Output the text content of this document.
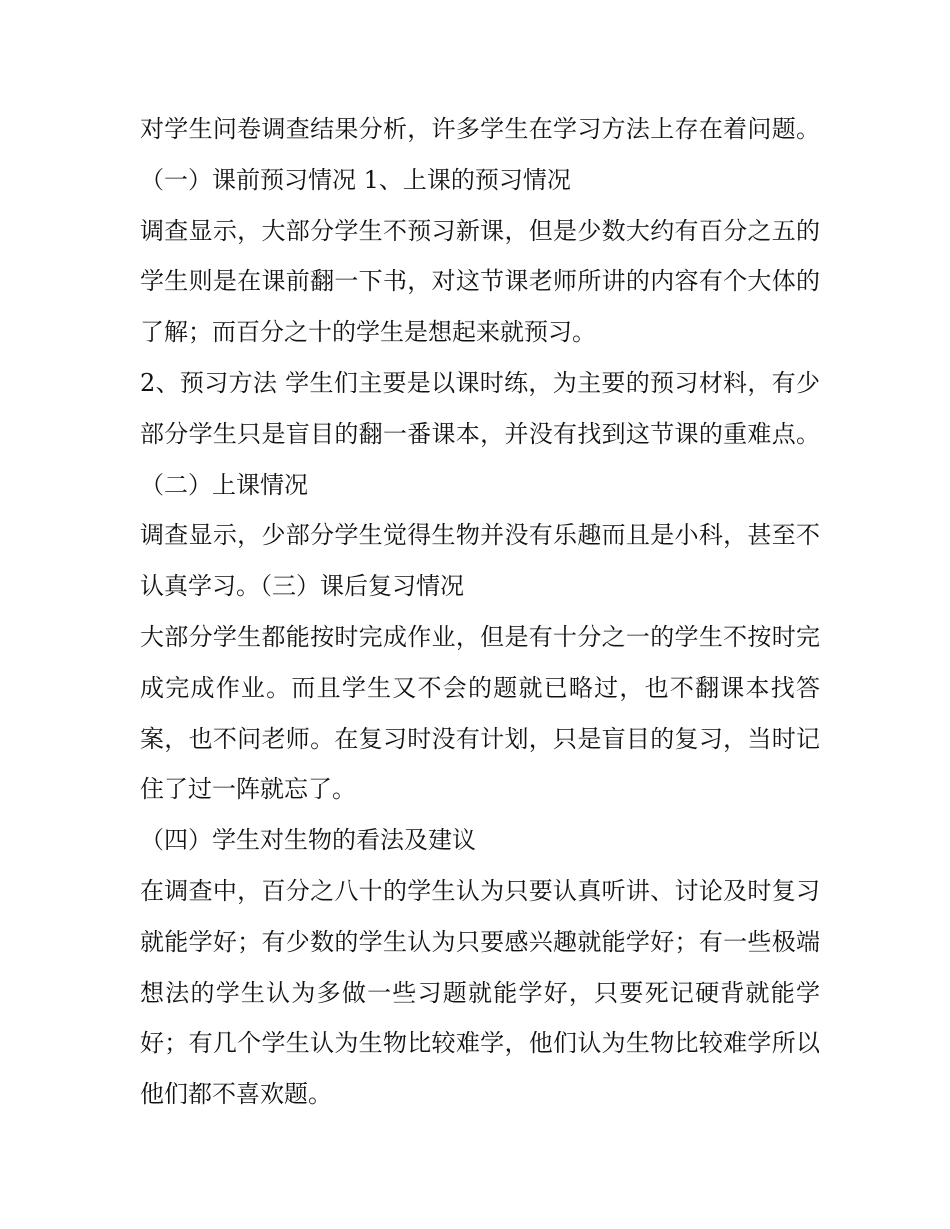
对学生问卷调查结果分析，许多学生在学习方法上存在着问题。（一）课前预习情况 1、上课的预习情况

调查显示，大部分学生不预习新课，但是少数大约有百分之五的学生则是在课前翻一下书，对这节课老师所讲的内容有个大体的了解；而百分之十的学生是想起来就预习。

2、预习方法 学生们主要是以课时练，为主要的预习材料，有少部分学生只是盲目的翻一番课本，并没有找到这节课的重难点。（二）上课情况

调查显示，少部分学生觉得生物并没有乐趣而且是小科，甚至不认真学习。（三）课后复习情况

大部分学生都能按时完成作业，但是有十分之一的学生不按时完成完成作业。而且学生又不会的题就已略过，也不翻课本找答案，也不问老师。在复习时没有计划，只是盲目的复习，当时记住了过一阵就忘了。

（四）学生对生物的看法及建议

在调查中，百分之八十的学生认为只要认真听讲、讨论及时复习就能学好；有少数的学生认为只要感兴趣就能学好；有一些极端想法的学生认为多做一些习题就能学好，只要死记硬背就能学好；有几个学生认为生物比较难学，他们认为生物比较难学所以他们都不喜欢题。
